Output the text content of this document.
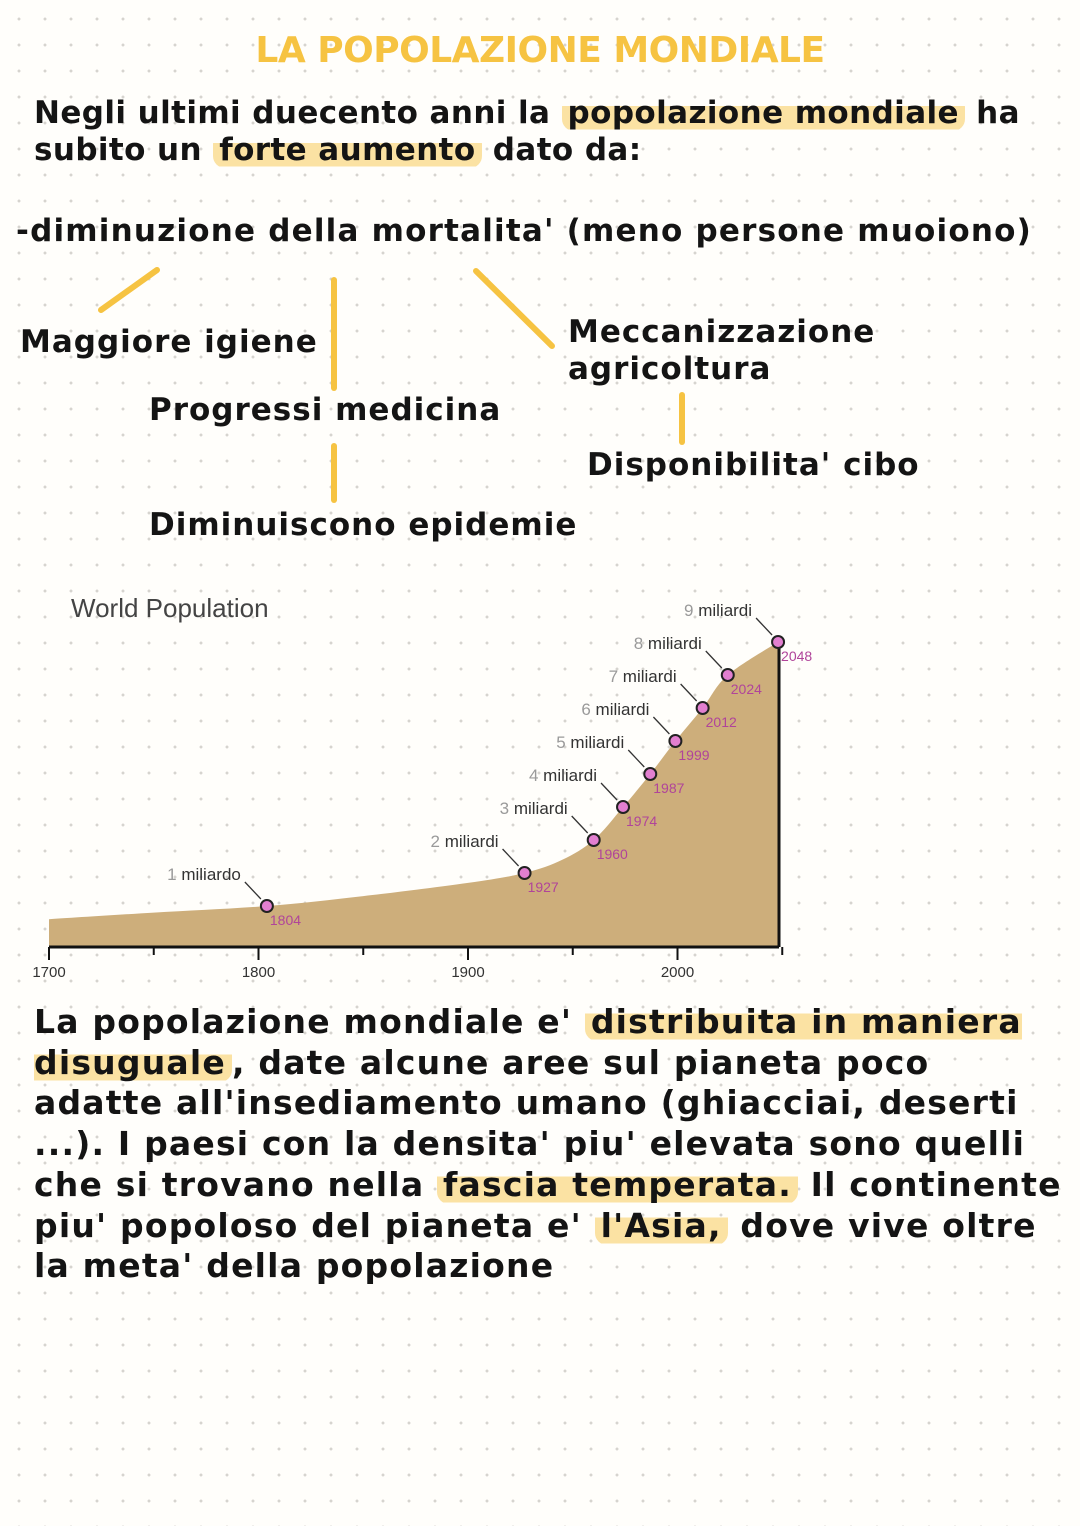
LA POPOLAZIONE MONDIALE

Negli ultimi duecento anni la popolazione mondiale ha subito un forte aumento dato da:

-diminuzione della mortalita' (meno persone muoiono)

Maggiore igiene
Progressi medicina
Diminuiscono epidemie
Meccanizzazione agricoltura
Disponibilita' cibo
World Population
1700	1800	1900	2000
1 miliardo
1804
2 miliardi
1927
3 miliardi
1960
4 miliardi
1974
5 miliardi
1987
6 miliardi
1999
7 miliardi
2012
8 miliardi
2024
9 miliardi
2048

La popolazione mondiale e' distribuita in maniera disuguale , date alcune aree sul pianeta poco adatte all'insediamento umano (ghiacciai, deserti ...). I paesi con la densita' piu' elevata sono quelli che si trovano nella fascia temperata. Il continente piu' popoloso del pianeta e' l'Asia, dove vive oltre la meta' della popolazione
